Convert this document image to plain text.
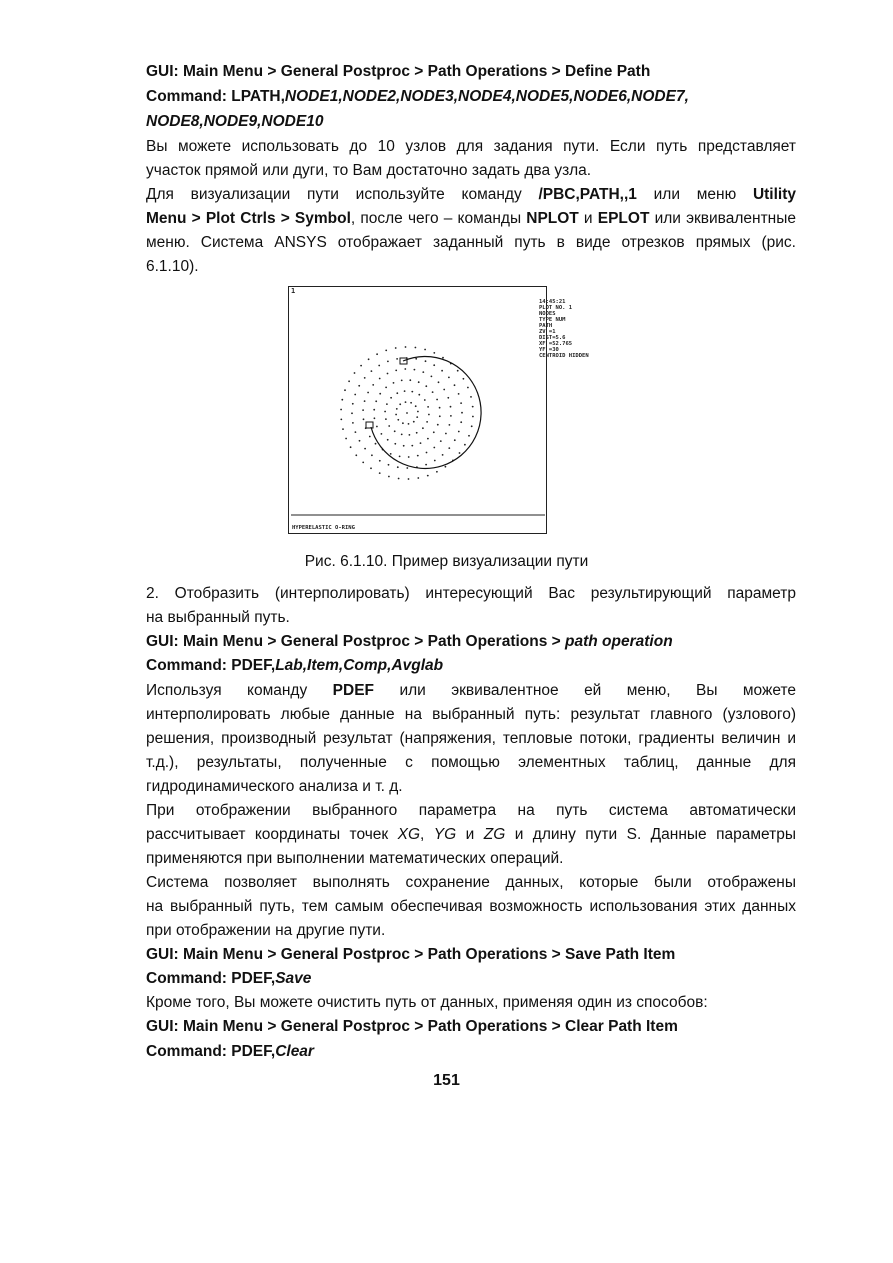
GUI: Main Menu > General Postproc > Path Operations > Define Path
Command: LPATH,NODE1,NODE2,NODE3,NODE4,NODE5,NODE6,NODE7,
NODE8,NODE9,NODE10
Вы можете использовать до 10 узлов для задания пути. Если путь представляет
участок прямой или дуги, то Вам достаточно задать два узла.
Для визуализации пути используйте команду /PBC,PATH,,1 или меню Utility
Menu > Plot Ctrls > Symbol, после чего – команды NPLOT и EPLOT или эквивалентные
меню. Система ANSYS отображает заданный путь в виде отрезков прямых (рис.
6.1.10).
2. Отобразить (интерполировать) интересующий Вас результирующий параметр
на выбранный путь.
GUI: Main Menu > General Postproc > Path Operations > path operation
Command: PDEF,Lab,Item,Comp,Avglab
Используя команду PDEF или эквивалентное ей меню, Вы можете
интерполировать любые данные на выбранный путь: результат главного (узлового)
решения, производный результат (напряжения, тепловые потоки, градиенты величин и
т.д.), результаты, полученные с помощью элементных таблиц, данные для
гидродинамического анализа и т. д.
При отображении выбранного параметра на путь система автоматически
рассчитывает координаты точек XG, YG и ZG и длину пути S. Данные параметры
применяются при выполнении математических операций.
Система позволяет выполнять сохранение данных, которые были отображены
на выбранный путь, тем самым обеспечивая возможность использования этих данных
при отображении на другие пути.
GUI: Main Menu > General Postproc > Path Operations > Save Path Item
Command: PDEF,Save
Кроме того, Вы можете очистить путь от данных, применяя один из способов:
GUI: Main Menu > General Postproc > Path Operations > Clear Path Item
Command: PDEF,Clear
1
14:45:21
PLOT NO. 1
NODES
TYPE NUM
PATH
ZV =1
DIST=5.6
XF =52.765
YF =30
CENTROID HIDDEN
HYPERELASTIC O-RING
Рис. 6.1.10. Пример визуализации пути
151
